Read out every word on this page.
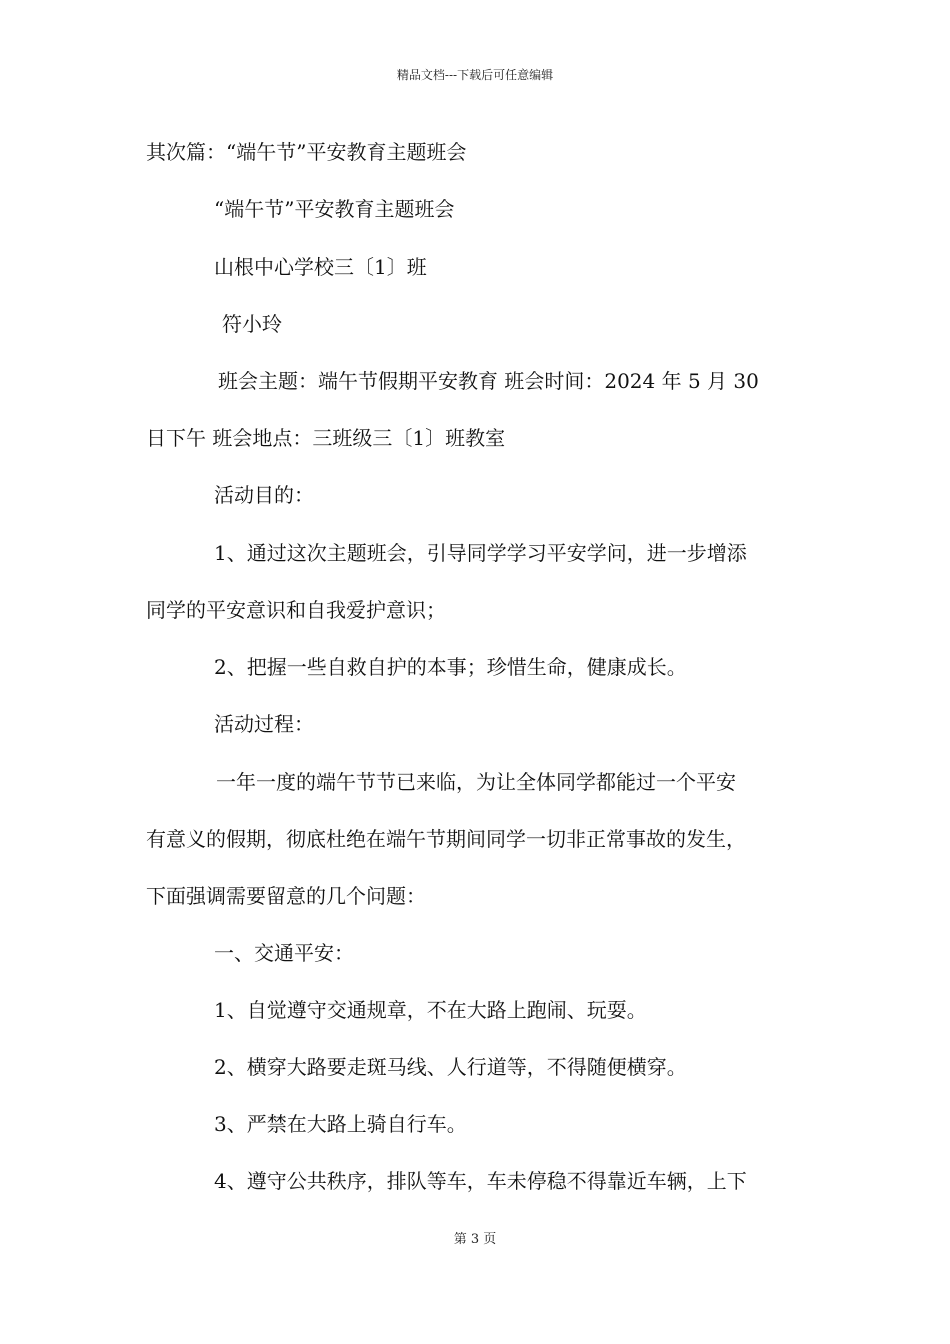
精品文档---下载后可任意编辑
其次篇：“端午节”平安教育主题班会
“端午节”平安教育主题班会
山根中心学校三〔1〕班
符小玲
班会主题：端午节假期平安教育 班会时间：2024 年 5 月 30
日下午 班会地点：三班级三〔1〕班教室
活动目的：
1、通过这次主题班会，引导同学学习平安学问，进一步增添
同学的平安意识和自我爱护意识；
2、把握一些自救自护的本事；珍惜生命，健康成长。
活动过程：
一年一度的端午节节已来临，为让全体同学都能过一个平安
有意义的假期，彻底杜绝在端午节期间同学一切非正常事故的发生，
下面强调需要留意的几个问题：
一、交通平安：
1、自觉遵守交通规章，不在大路上跑闹、玩耍。
2、横穿大路要走斑马线、人行道等，不得随便横穿。
3、严禁在大路上骑自行车。
4、遵守公共秩序，排队等车，车未停稳不得靠近车辆，上下
第 3 页
